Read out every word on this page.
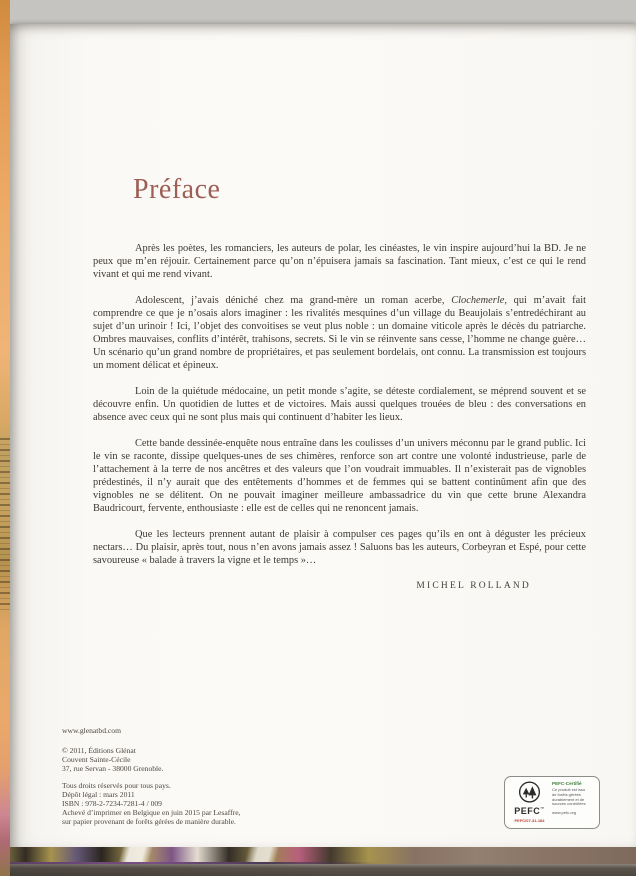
Préface

Après les poètes, les romanciers, les auteurs de polar, les cinéastes, le vin inspire aujourd’hui la BD. Je ne peux que m’en réjouir. Certainement parce qu’on n’épuisera jamais sa fascination. Tant mieux, c’est ce qui le rend vivant et qui me rend vivant.

Adolescent, j’avais déniché chez ma grand-mère un roman acerbe, Clochemerle, qui m’avait fait comprendre ce que je n’osais alors imaginer : les rivalités mesquines d’un village du Beaujolais s’entredéchirant au sujet d’un urinoir ! Ici, l’objet des convoitises se veut plus noble : un domaine viticole après le décès du patriarche. Ombres mauvaises, conflits d’intérêt, trahisons, secrets. Si le vin se réinvente sans cesse, l’homme ne change guère… Un scénario qu’un grand nombre de propriétaires, et pas seulement bordelais, ont connu. La transmission est toujours un moment délicat et épineux.

Loin de la quiétude médocaine, un petit monde s’agite, se déteste cordialement, se méprend souvent et se découvre enfin. Un quotidien de luttes et de victoires. Mais aussi quelques trouées de bleu : des conversations en absence avec ceux qui ne sont plus mais qui continuent d’habiter les lieux.

Cette bande dessinée-enquête nous entraîne dans les coulisses d’un univers méconnu par le grand public. Ici le vin se raconte, dissipe quelques-unes de ses chimères, renforce son art contre une volonté industrieuse, parle de l’attachement à la terre de nos ancêtres et des valeurs que l’on voudrait immuables. Il n’existerait pas de vignobles prédestinés, il n’y aurait que des entêtements d’hommes et de femmes qui se battent continûment afin que des vignobles ne se délitent. On ne pouvait imaginer meilleure ambassadrice du vin que cette brune Alexandra Baudricourt, fervente, enthousiaste : elle est de celles qui ne renoncent jamais.

Que les lecteurs prennent autant de plaisir à compulser ces pages qu’ils en ont à déguster les précieux nectars… Du plaisir, après tout, nous n’en avons jamais assez ! Saluons bas les auteurs, Corbeyran et Espé, pour cette savoureuse « balade à travers la vigne et le temps »…

MICHEL ROLLAND
www.glenatbd.com
© 2011, Éditions Glénat
Couvent Sainte-Cécile
37, rue Servan - 38000 Grenoble.
Tous droits réservés pour tous pays.
Dépôt légal : mars 2011
ISBN : 978-2-7234-7281-4 / 009
Achevé d’imprimer en Belgique en juin 2015 par Lesaffre,
sur papier provenant de forêts gérées de manière durable.
PEFC™
PEFC/07-31-184
PEFC-Certifié
Ce produit est issu
de forêts gérées
durablement et de
sources contrôlées
www.pefc.org
